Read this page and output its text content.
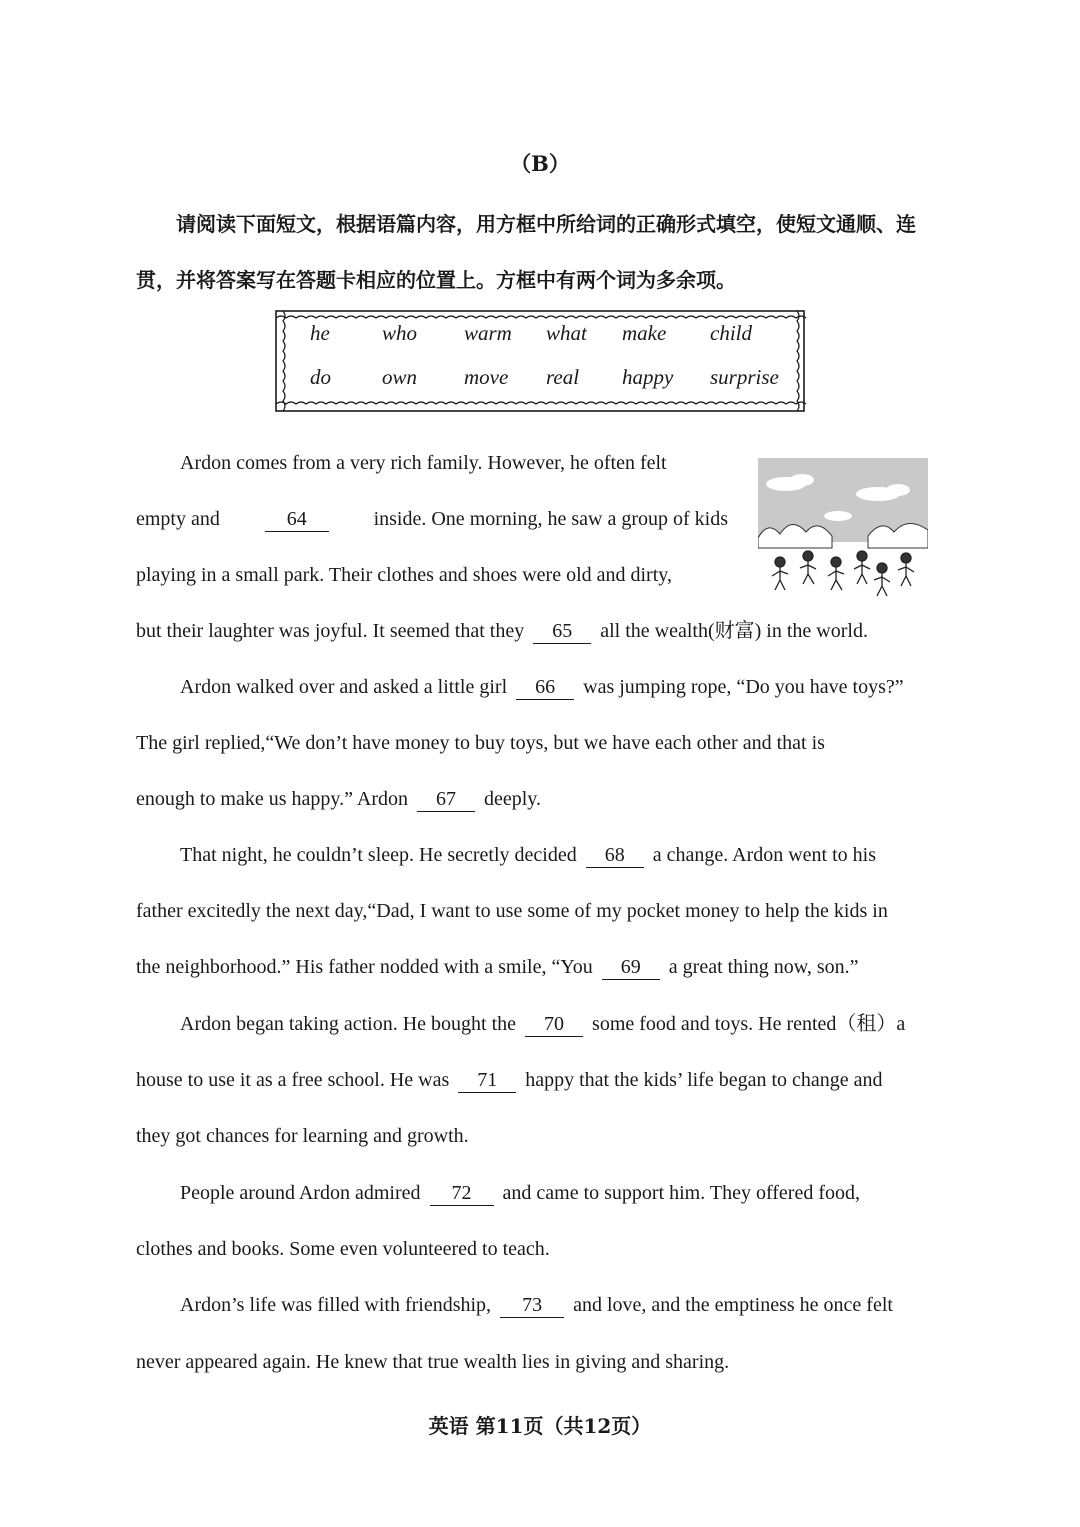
（B）
请阅读下面短文，根据语篇内容，用方框中所给词的正确形式填空，使短文通顺、连贯，并将答案写在答题卡相应的位置上。方框中有两个词为多余项。
he	who	warm	what	make	child
do	own	move	real	happy	surprise
Ardon comes from a very rich family. However, he often felt
empty and	64	inside. One morning, he saw a group of kids
playing in a small park. Their clothes and shoes were old and dirty,
but their laughter was joyful. It seemed that they 65 all the wealth(财富) in the world.
Ardon walked over and asked a little girl 66 was jumping rope, “Do you have toys?”
The girl replied,“We don’t have money to buy toys, but we have each other and that is
enough to make us happy.” Ardon 67 deeply.
That night, he couldn’t sleep. He secretly decided 68 a change. Ardon went to his
father excitedly the next day,“Dad, I want to use some of my pocket money to help the kids in
the neighborhood.” His father nodded with a smile, “You 69 a great thing now, son.”
Ardon began taking action. He bought the 70 some food and toys. He rented（租）a
house to use it as a free school. He was 71 happy that the kids’ life began to change and
they got chances for learning and growth.
People around Ardon admired 72 and came to support him. They offered food,
clothes and books. Some even volunteered to teach.
Ardon’s life was filled with friendship, 73 and love, and the emptiness he once felt
never appeared again. He knew that true wealth lies in giving and sharing.
英语 第11页（共12页）
